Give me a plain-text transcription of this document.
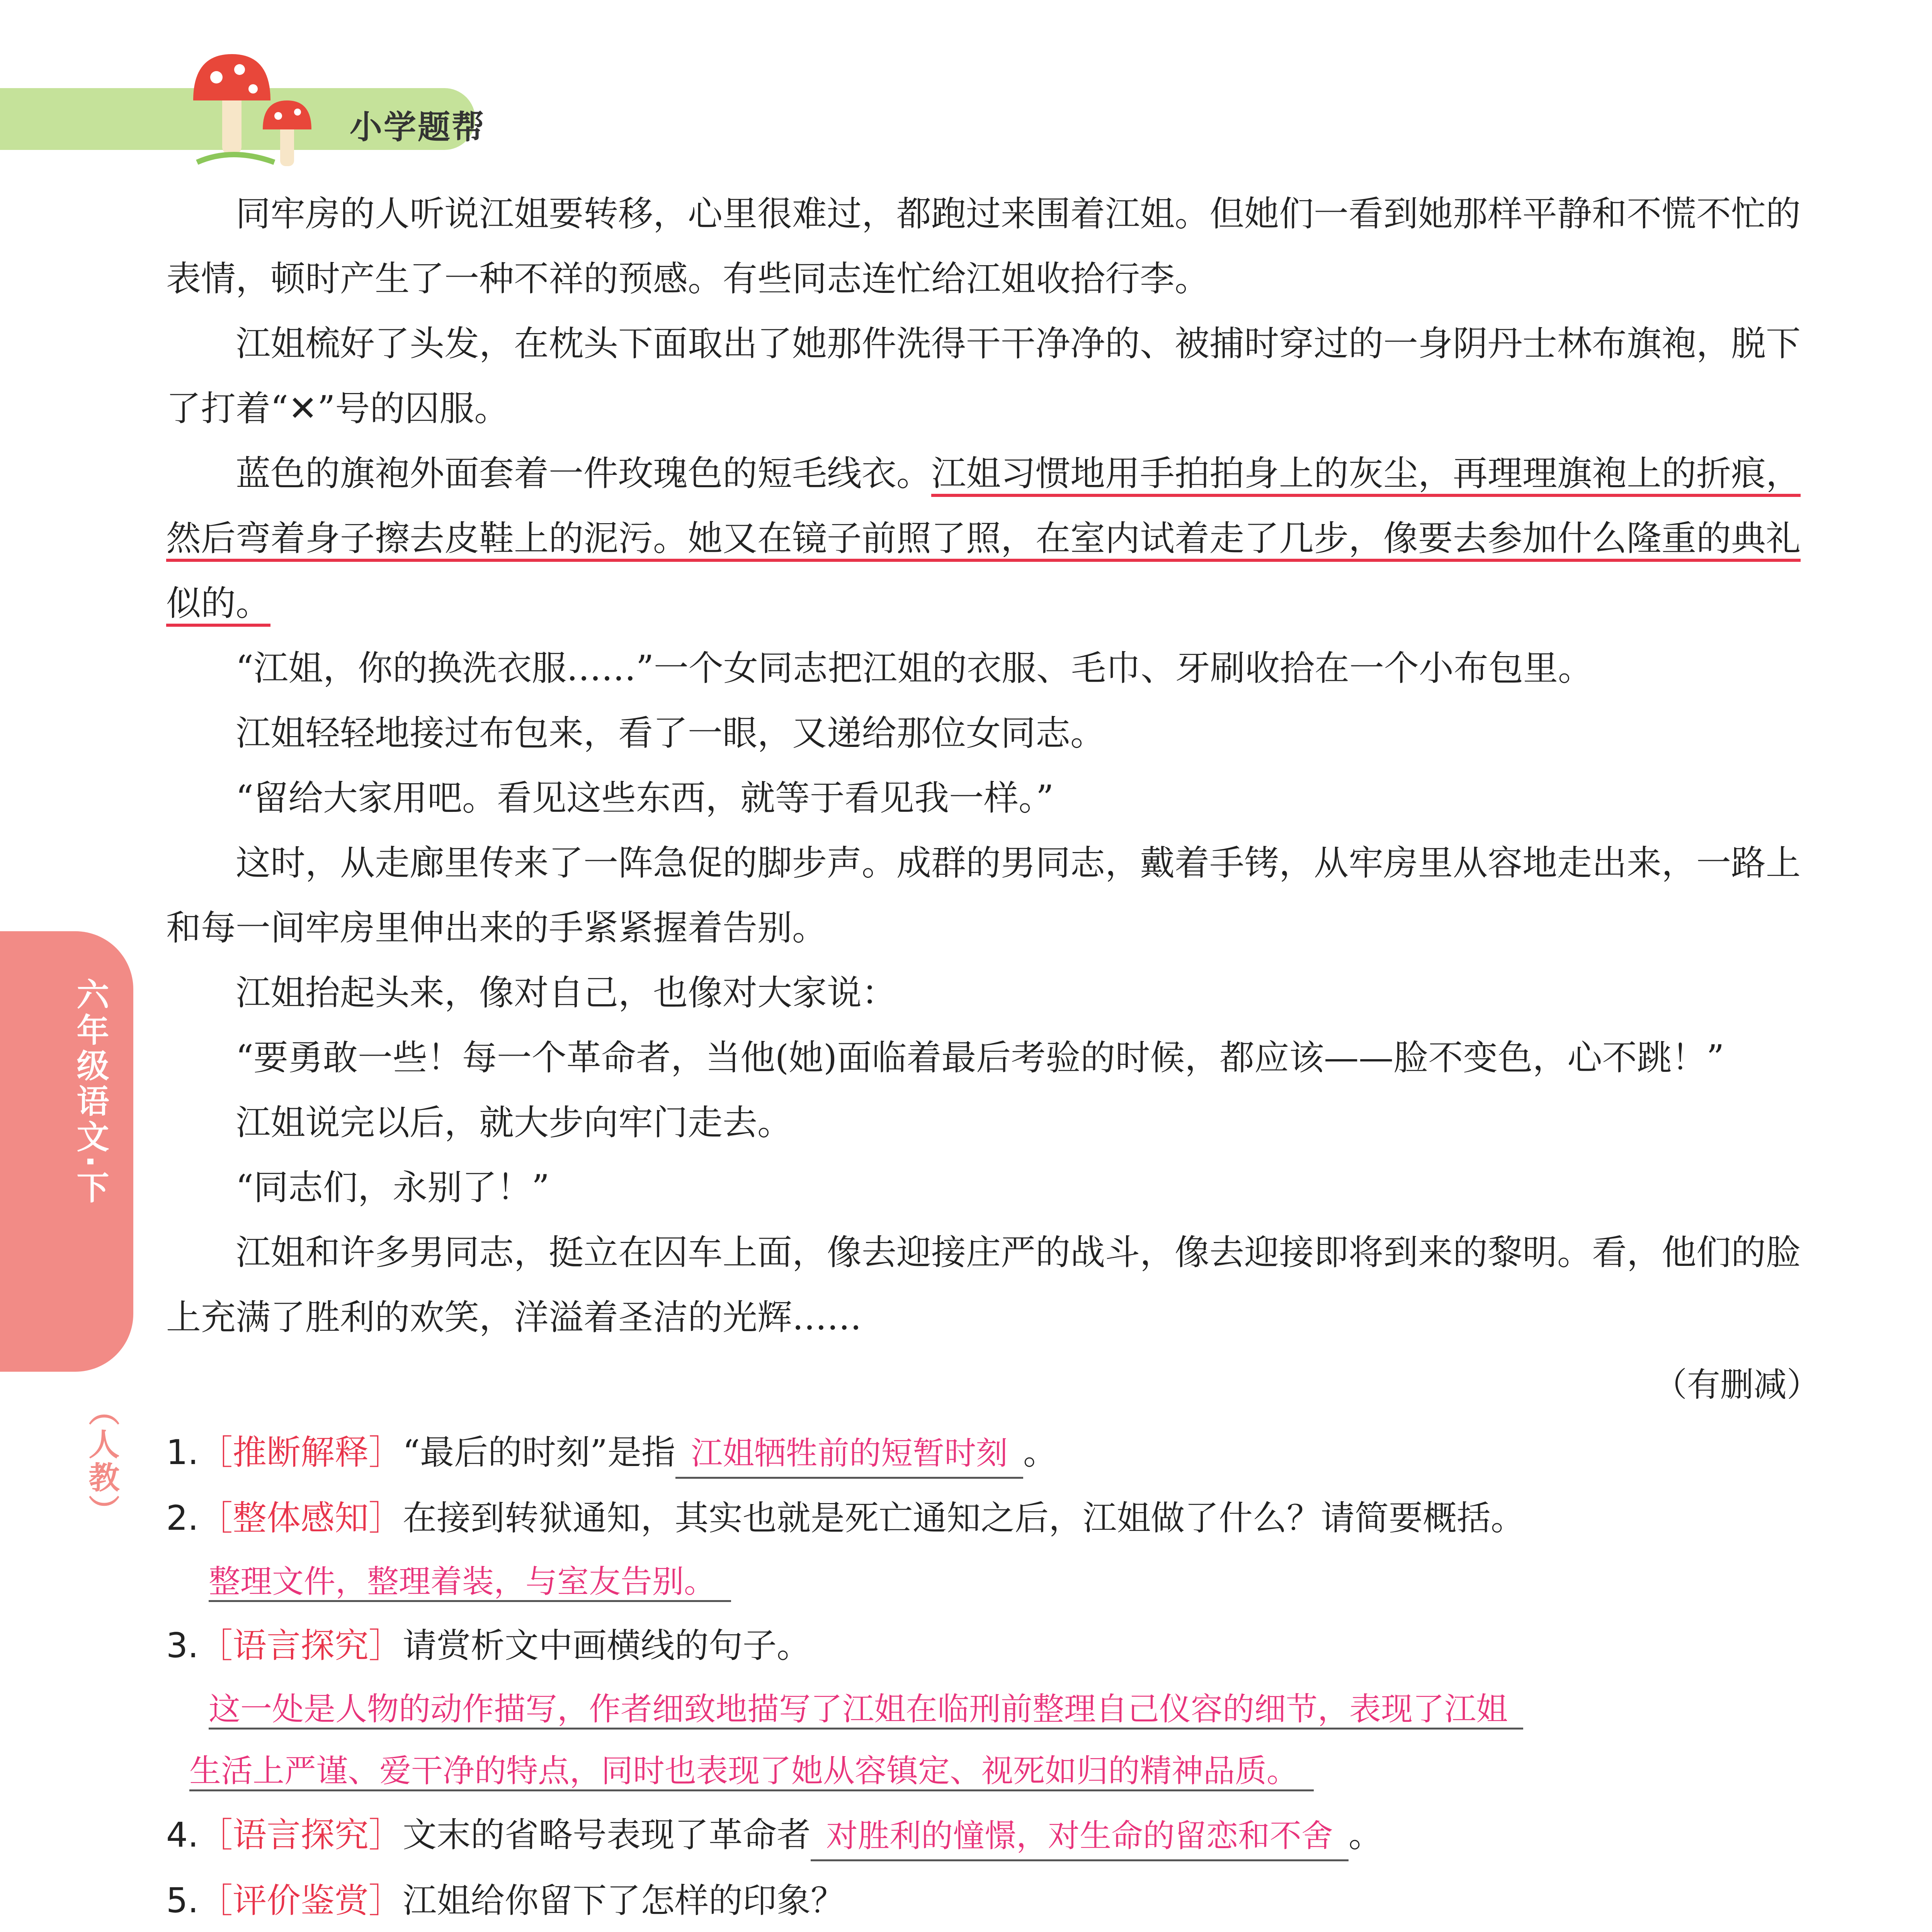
小学题帮
六年级语文·下
（人教）

同牢房的人听说江姐要转移，心里很难过，都跑过来围着江姐。但她们一看到她那样平静和不慌不忙的表情，顿时产生了一种不祥的预感。有些同志连忙给江姐收拾行李。

江姐梳好了头发，在枕头下面取出了她那件洗得干干净净的、被捕时穿过的一身阴丹士林布旗袍，脱下了打着“✕”号的囚服。

蓝色的旗袍外面套着一件玫瑰色的短毛线衣。江姐习惯地用手拍拍身上的灰尘，再理理旗袍上的折痕，然后弯着身子擦去皮鞋上的泥污。她又在镜子前照了照，在室内试着走了几步，像要去参加什么隆重的典礼似的。

“江姐，你的换洗衣服……”一个女同志把江姐的衣服、毛巾、牙刷收拾在一个小布包里。

江姐轻轻地接过布包来，看了一眼，又递给那位女同志。

“留给大家用吧。看见这些东西，就等于看见我一样。”

这时，从走廊里传来了一阵急促的脚步声。成群的男同志，戴着手铐，从牢房里从容地走出来，一路上和每一间牢房里伸出来的手紧紧握着告别。

江姐抬起头来，像对自己，也像对大家说：

“要勇敢一些！每一个革命者，当他(她)面临着最后考验的时候，都应该——脸不变色，心不跳！”

江姐说完以后，就大步向牢门走去。

“同志们，永别了！”

江姐和许多男同志，挺立在囚车上面，像去迎接庄严的战斗，像去迎接即将到来的黎明。看，他们的脸上充满了胜利的欢笑，洋溢着圣洁的光辉……

（有删减）

1.［推断解释］“最后的时刻”是指 江姐牺牲前的短暂时刻 。

2.［整体感知］在接到转狱通知，其实也就是死亡通知之后，江姐做了什么？请简要概括。

整理文件，整理着装，与室友告别。

3.［语言探究］请赏析文中画横线的句子。

这一处是人物的动作描写，作者细致地描写了江姐在临刑前整理自己仪容的细节，表现了江姐

生活上严谨、爱干净的特点，同时也表现了她从容镇定、视死如归的精神品质。

4.［语言探究］文末的省略号表现了革命者 对胜利的憧憬，对生命的留恋和不舍 。

5.［评价鉴赏］江姐给你留下了怎样的印象？
